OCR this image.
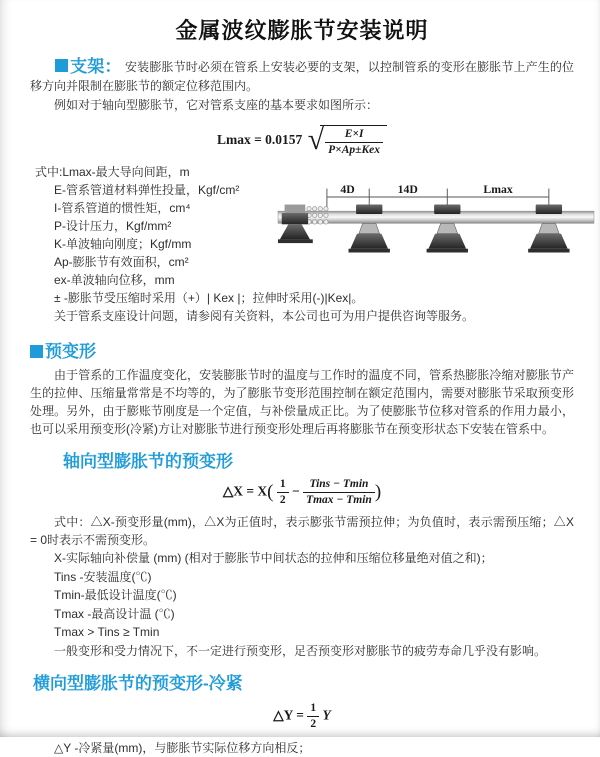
金属波纹膨胀节安装说明

支架： 安装膨胀节时必须在管系上安装必要的支架，以控制管系的变形在膨胀节上产生的位移方向并限制在膨胀节的额定位移范围内。

例如对于轴向型膨胀节，它对管系支座的基本要求如图所示：

Lmax = 0.0157 √ $\frac{E\times I}{\text{P×Ap±Kex}}$
式中:Lmax-最大导向间距，m
E-管系管道材料弹性投量，Kgf/cm²
I-管系管道的惯性矩，cm⁴
P-设计压力，Kgf/mm²
K-单波轴向刚度；Kgf/mm
Ap-膨胀节有效面积，cm²
ex-单波轴向位移，mm
4D	14D	Lmax

± -膨胀节受压缩时采用（+）| Kex |；拉伸时采用(-)|Kex|。

关于管系支座设计问题，请参阅有关资料，本公司也可为用户提供咨询等服务。

预变形

由于管系的工作温度变化，安装膨胀节时的温度与工作时的温度不同，管系热膨胀冷缩对膨胀节产生的拉伸、压缩量常常是不均等的，为了膨胀节变形范围控制在额定范围内，需要对膨胀节采取预变形处理。另外，由于膨账节刚度是一个定值，与补偿量成正比。为了使膨胀节位移对管系的作用力最小，也可以采用预变形(冷紧)方让对膨胀节进行预变形处理后再将膨胀节在预变形状态下安装在管系中。

轴向型膨胀节的预变形
△X = $X( \frac{1}{2} - \frac{\text{Tins − Tmin}}{Tmax - Tmin}$ )

式中：△X-预变形量(mm)，△X为正值时，表示膨张节需预拉伸；为负值时，表示需预压缩；△X = 0时表示不需预变形。

X-实际轴向补偿量 (mm) (相对于膨胀节中间状态的拉伸和压缩位移量绝对值之和)；
Tins -安装温度(℃)
Tmin-最低设计温度(℃)
Tmax -最高设计温 (℃)
Tmax > Tins ≥ Tmin
一般变形和受力情况下，不一定进行预变形，足否预变形对膨胀节的疲劳寿命几乎没有影响。
横向型膨胀节的预变形-冷紧
△Y = $\frac{1}{2}$ Y

△Y -冷紧量(mm)，与膨胀节实际位移方向相反；
